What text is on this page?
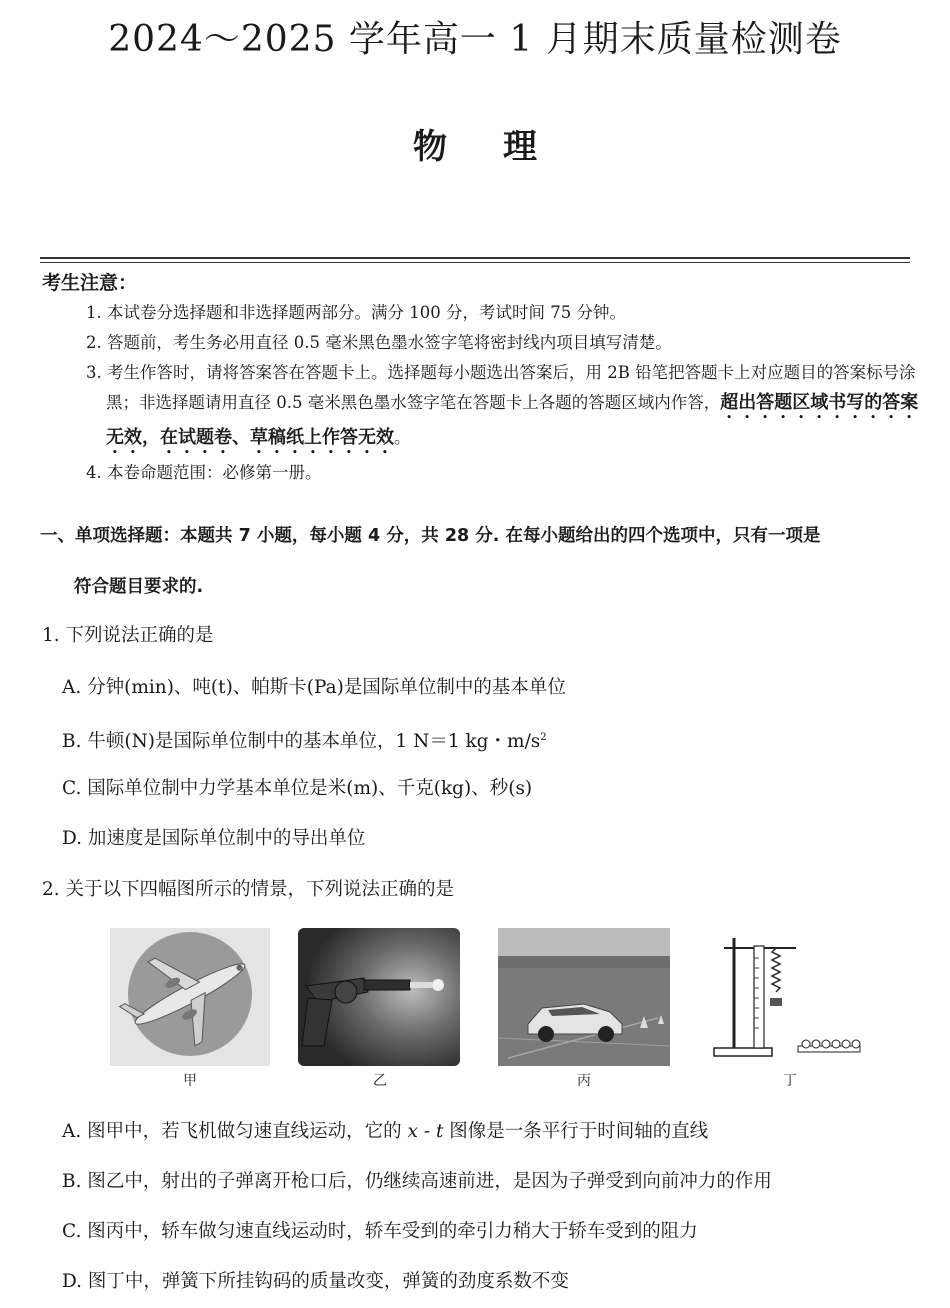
2024～2025 学年高一 1 月期末质量检测卷
物 理
考生注意：
1. 本试卷分选择题和非选择题两部分。满分 100 分，考试时间 75 分钟。
2. 答题前，考生务必用直径 0.5 毫米黑色墨水签字笔将密封线内项目填写清楚。
3. 考生作答时，请将答案答在答题卡上。选择题每小题选出答案后，用 2B 铅笔把答题卡上对应题目的答案标号涂黑；非选择题请用直径 0.5 毫米黑色墨水签字笔在答题卡上各题的答题区域内作答，超出答题区域书写的答案无效，在试题卷、草稿纸上作答无效。
4. 本卷命题范围：必修第一册。
一、单项选择题：本题共 7 小题，每小题 4 分，共 28 分. 在每小题给出的四个选项中，只有一项是
符合题目要求的.
1. 下列说法正确的是
A. 分钟(min)、吨(t)、帕斯卡(Pa)是国际单位制中的基本单位
B. 牛顿(N)是国际单位制中的基本单位，1 N＝1 kg・$m/s^2$
C. 国际单位制中力学基本单位是米(m)、千克(kg)、秒(s)
D. 加速度是国际单位制中的导出单位
2. 关于以下四幅图所示的情景，下列说法正确的是
甲	乙	丙	丁
A. 图甲中，若飞机做匀速直线运动，它的 x - t 图像是一条平行于时间轴的直线
B. 图乙中，射出的子弹离开枪口后，仍继续高速前进，是因为子弹受到向前冲力的作用
C. 图丙中，轿车做匀速直线运动时，轿车受到的牵引力稍大于轿车受到的阻力
D. 图丁中，弹簧下所挂钩码的质量改变，弹簧的劲度系数不变
